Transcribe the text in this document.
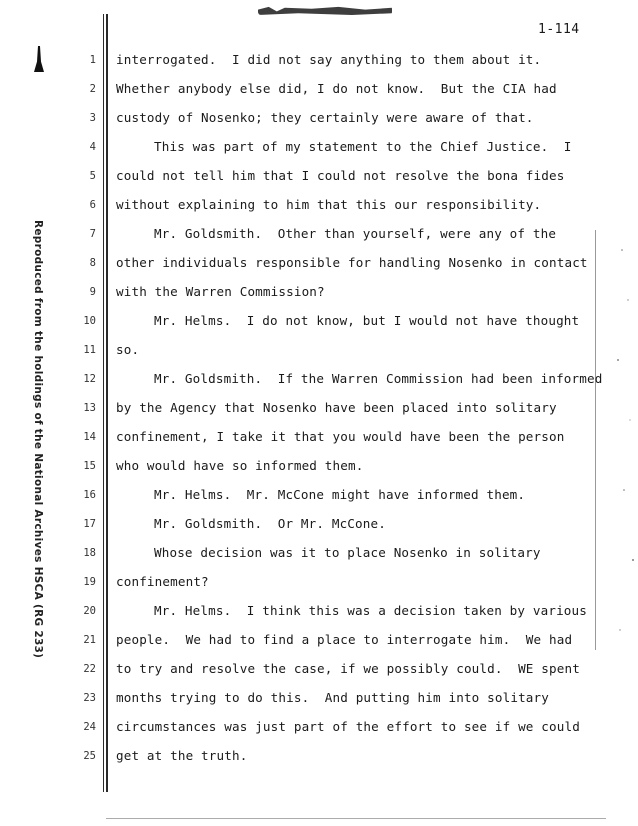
1-114
Reproduced from the holdings of the National Archives HSCA (RG 233)
1 interrogated.  I did not say anything to them about it.
2 Whether anybody else did, I do not know.  But the CIA had
3 custody of Nosenko; they certainly were aware of that.
4	This was part of my statement to the Chief Justice.  I
5 could not tell him that I could not resolve the bona fides
6 without explaining to him that this our responsibility.
7	Mr. Goldsmith.  Other than yourself, were any of the
8 other individuals responsible for handling Nosenko in contact
9 with the Warren Commission?
10	Mr. Helms.  I do not know, but I would not have thought
11 so.
12	Mr. Goldsmith.  If the Warren Commission had been informed
13 by the Agency that Nosenko have been placed into solitary
14 confinement, I take it that you would have been the person
15 who would have so informed them.
16	Mr. Helms.  Mr. McCone might have informed them.
17	Mr. Goldsmith.  Or Mr. McCone.
18	Whose decision was it to place Nosenko in solitary
19 confinement?
20	Mr. Helms.  I think this was a decision taken by various
21 people.  We had to find a place to interrogate him.  We had
22 to try and resolve the case, if we possibly could.  WE spent
23 months trying to do this.  And putting him into solitary
24 circumstances was just part of the effort to see if we could
25 get at the truth.
